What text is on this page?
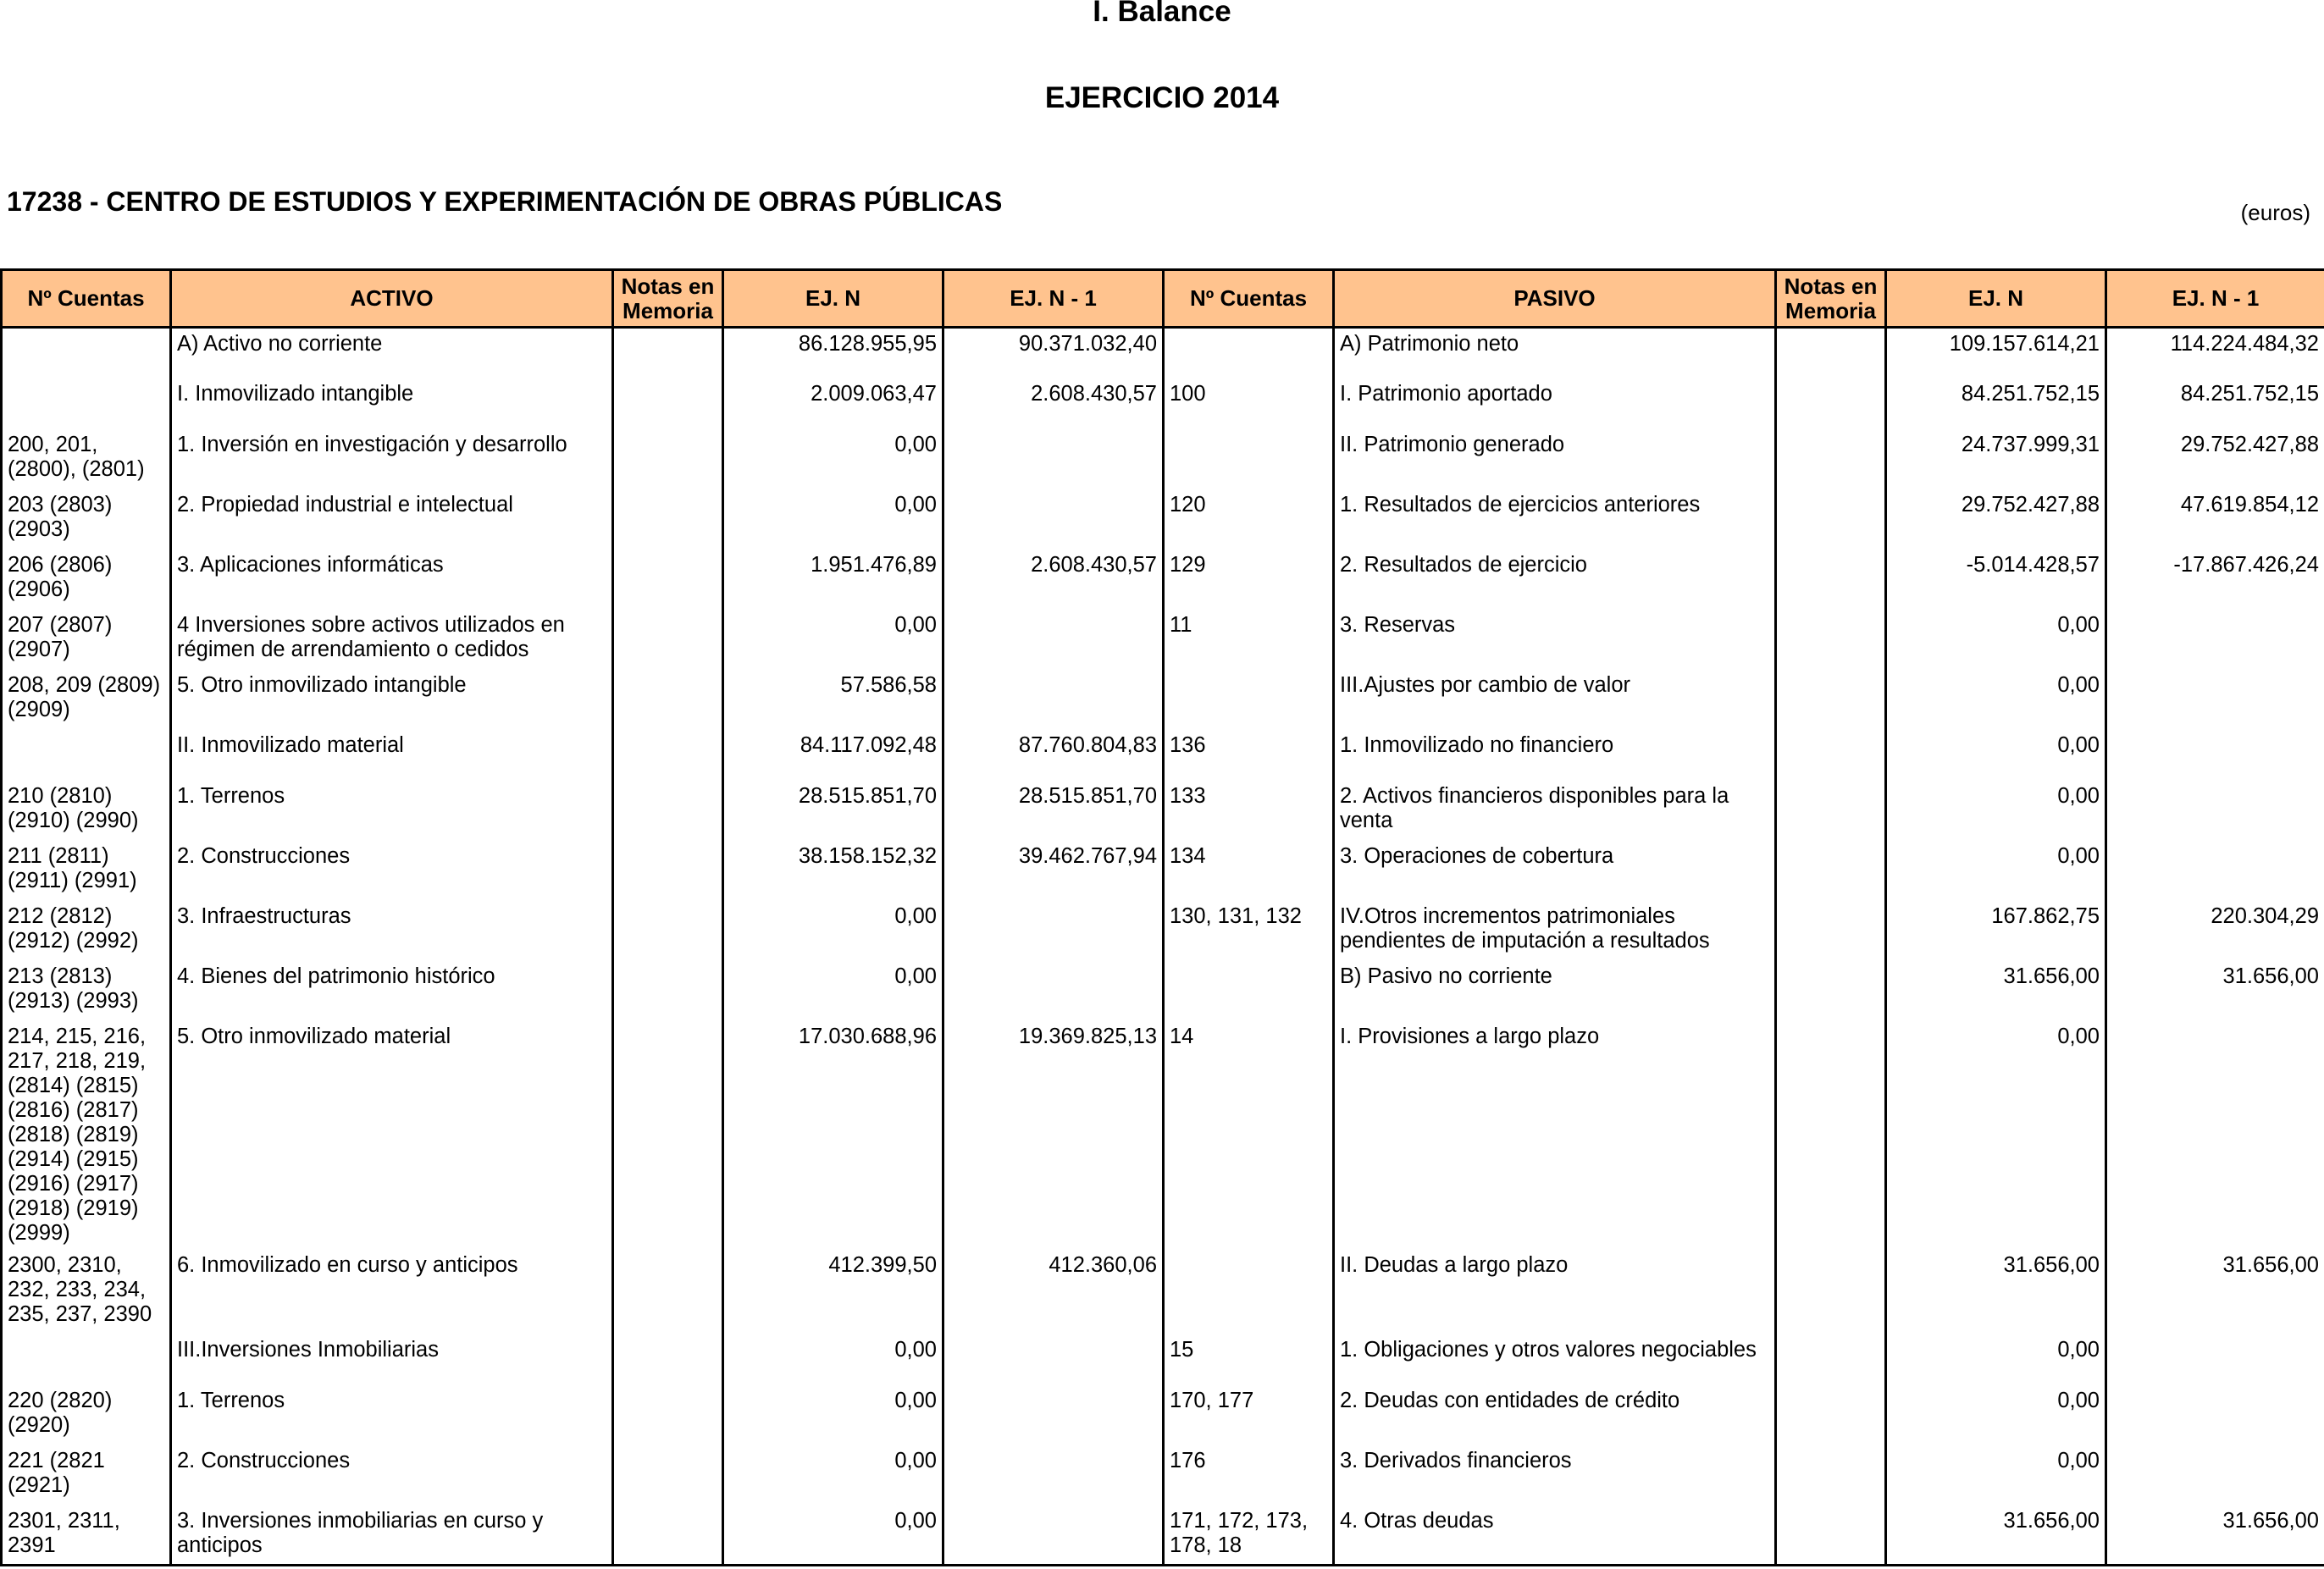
I. Balance
EJERCICIO 2014
17238 - CENTRO DE ESTUDIOS Y EXPERIMENTACIÓN DE OBRAS PÚBLICAS	(euros)
Nº Cuentas	ACTIVO	Notas en Memoria	EJ. N	EJ. N - 1	Nº Cuentas	PASIVO	Notas en Memoria	EJ. N	EJ. N - 1
	A) Activo no corriente		86.128.955,95	90.371.032,40		A) Patrimonio neto		109.157.614,21	114.224.484,32
	I. Inmovilizado intangible		2.009.063,47	2.608.430,57	100	I. Patrimonio aportado		84.251.752,15	84.251.752,15
200, 201, (2800), (2801)	1. Inversión en investigación y desarrollo		0,00			II. Patrimonio generado		24.737.999,31	29.752.427,88
203 (2803) (2903)	2. Propiedad industrial e intelectual		0,00		120	1. Resultados de ejercicios anteriores		29.752.427,88	47.619.854,12
206 (2806) (2906)	3. Aplicaciones informáticas		1.951.476,89	2.608.430,57	129	2. Resultados de ejercicio		-5.014.428,57	-17.867.426,24
207 (2807) (2907)	4 Inversiones sobre activos utilizados en régimen de arrendamiento o cedidos		0,00		11	3. Reservas		0,00	
208, 209 (2809) (2909)	5. Otro inmovilizado intangible		57.586,58			III.Ajustes por cambio de valor		0,00	
	II. Inmovilizado material		84.117.092,48	87.760.804,83	136	1. Inmovilizado no financiero		0,00	
210 (2810) (2910) (2990)	1. Terrenos		28.515.851,70	28.515.851,70	133	2. Activos financieros disponibles para la venta		0,00	
211 (2811) (2911) (2991)	2. Construcciones		38.158.152,32	39.462.767,94	134	3. Operaciones de cobertura		0,00	
212 (2812) (2912) (2992)	3. Infraestructuras		0,00		130, 131, 132	IV.Otros incrementos patrimoniales pendientes de imputación a resultados		167.862,75	220.304,29
213 (2813) (2913) (2993)	4. Bienes del patrimonio histórico		0,00			B) Pasivo no corriente		31.656,00	31.656,00
214, 215, 216, 217, 218, 219, (2814) (2815) (2816) (2817) (2818) (2819) (2914) (2915) (2916) (2917) (2918) (2919) (2999)	5. Otro inmovilizado material		17.030.688,96	19.369.825,13	14	I. Provisiones a largo plazo		0,00	
2300, 2310, 232, 233, 234, 235, 237, 2390	6. Inmovilizado en curso y anticipos		412.399,50	412.360,06		II. Deudas a largo plazo		31.656,00	31.656,00
	III.Inversiones Inmobiliarias		0,00		15	1. Obligaciones y otros valores negociables		0,00	
220 (2820) (2920)	1. Terrenos		0,00		170, 177	2. Deudas con entidades de crédito		0,00	
221 (2821 (2921)	2. Construcciones		0,00		176	3. Derivados financieros		0,00	
2301, 2311, 2391	3. Inversiones inmobiliarias en curso y anticipos		0,00		171, 172, 173, 178, 18	4. Otras deudas		31.656,00	31.656,00
